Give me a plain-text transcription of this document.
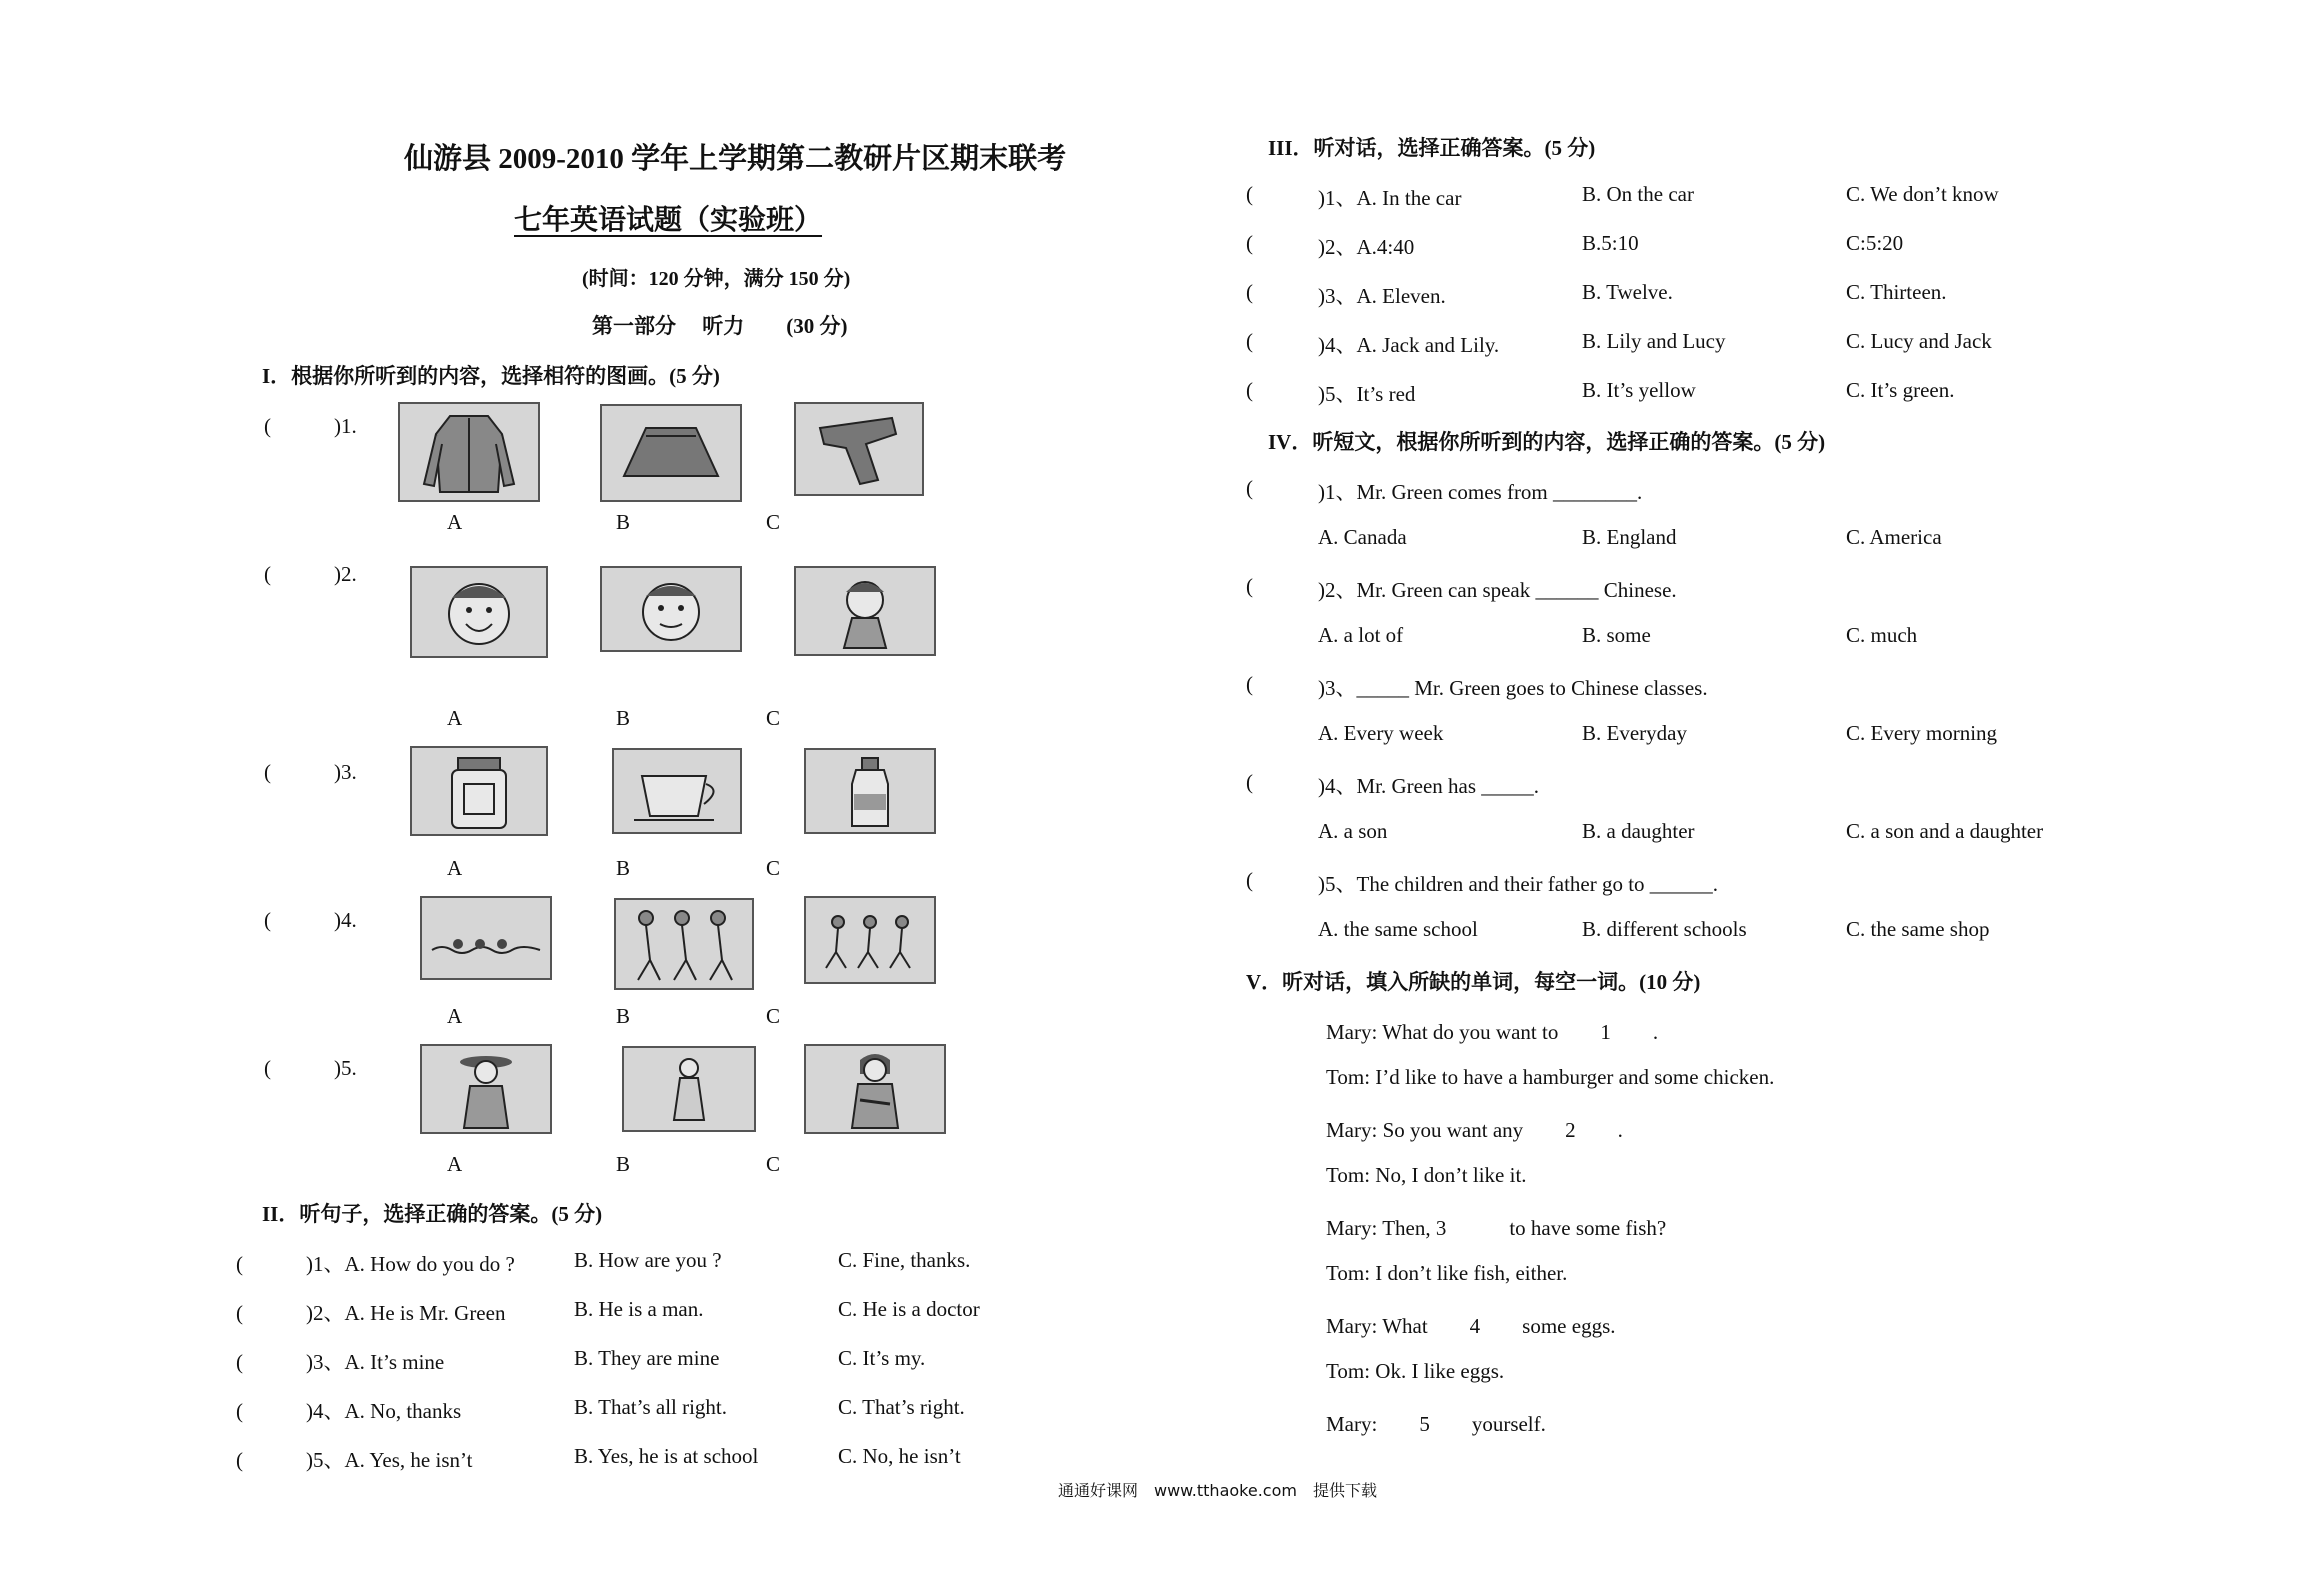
仙游县 2009-2010 学年上学期第二教研片区期末联考
七年英语试题（实验班）
(时间：120 分钟，满分 150 分)
第一部分　 听力　　(30 分)
I．根据你所听到的内容，选择相符的图画。(5 分)
(　　　)1.
A	B	C
(　　　)2.
A	B	C
(　　　)3.
A	B	C
(　　　)4.
A	B	C
(　　　)5.
A	B	C
II．听句子，选择正确的答案。(5 分)
(　　　)1、A. How do you do ?	B. How are you ?	C. Fine, thanks.
(　　　)2、A. He is Mr. Green	B. He is a man.	C. He is a doctor
(　　　)3、A. It’s mine	B. They are mine	C. It’s my.
(　　　)4、A. No, thanks	B. That’s all right.	C. That’s right.
(　　　)5、A. Yes, he isn’t	B. Yes, he is at school	C. No, he isn’t
III．听对话，选择正确答案。(5 分)
(	)1、A. In the car	B. On the car	C. We don’t know
(	)2、A.4:40	B.5:10	C:5:20
(	)3、A. Eleven.	B. Twelve.	C. Thirteen.
(	)4、A. Jack and Lily.	B. Lily and Lucy	C. Lucy and Jack
(	)5、It’s red	B. It’s yellow	C. It’s green.
IV．听短文，根据你所听到的内容，选择正确的答案。(5 分)
(	)1、Mr. Green comes from ________.
A. Canada	B. England	C. America
(	)2、Mr. Green can speak ______ Chinese.
A. a lot of	B. some	C. much
(	)3、_____ Mr. Green goes to Chinese classes.
A. Every week	B. Everyday	C. Every morning
(	)4、Mr. Green has _____.
A. a son	B. a daughter	C. a son and a daughter
(	)5、The children and their father go to ______.
A. the same school	B. different schools	C. the same shop
V．听对话，填入所缺的单词，每空一词。(10 分)
Mary: What do you want to　　1　　.
Tom: I’d like to have a hamburger and some chicken.
Mary: So you want any　　2　　.
Tom: No, I don’t like it.
Mary: Then, 3　　　to have some fish?
Tom: I don’t like fish, either.
Mary: What　　4　　some eggs.
Tom: Ok. I like eggs.
Mary:　　5　　yourself.
通通好课网　www.tthaoke.com　提供下载
